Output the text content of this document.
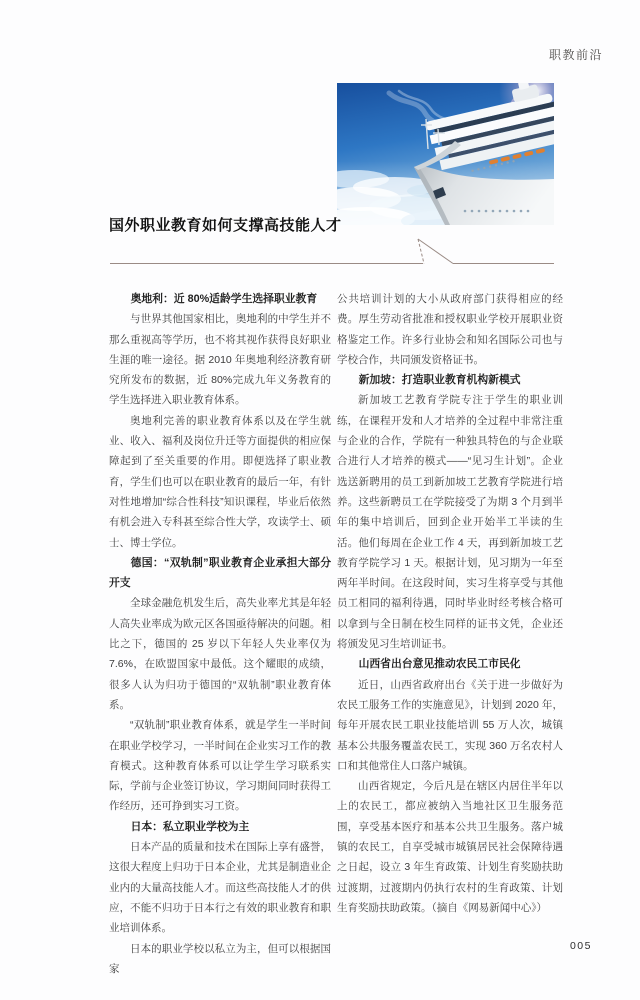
职教前沿
国外职业教育如何支撑高技能人才
奥地利：近 80%适龄学生选择职业教育

与世界其他国家相比，奥地利的中学生并不那么重视高等学历，也不将其视作获得良好职业生涯的唯一途径。据 2010 年奥地利经济教育研究所发布的数据，近 80%完成九年义务教育的学生选择进入职业教育体系。

奥地利完善的职业教育体系以及在学生就业、收入、福利及岗位升迁等方面提供的相应保障起到了至关重要的作用。即便选择了职业教育，学生们也可以在职业教育的最后一年，有针对性地增加“综合性科技”知识课程，毕业后依然有机会进入专科甚至综合性大学，攻读学士、硕士、博士学位。

德国：“双轨制”职业教育企业承担大部分开支

全球金融危机发生后，高失业率尤其是年轻人高失业率成为欧元区各国亟待解决的问题。相比之下，德国的 25 岁以下年轻人失业率仅为 7.6%，在欧盟国家中最低。这个耀眼的成绩，很多人认为归功于德国的“双轨制”职业教育体系。

“双轨制”职业教育体系，就是学生一半时间在职业学校学习，一半时间在企业实习工作的教育模式。这种教育体系可以让学生学习联系实际，学前与企业签订协议，学习期间同时获得工作经历，还可挣到实习工资。

日本：私立职业学校为主

日本产品的质量和技术在国际上享有盛誉，这很大程度上归功于日本企业，尤其是制造业企业内的大量高技能人才。而这些高技能人才的供应，不能不归功于日本行之有效的职业教育和职业培训体系。

日本的职业学校以私立为主，但可以根据国家

公共培训计划的大小从政府部门获得相应的经费。厚生劳动省批准和授权职业学校开展职业资格鉴定工作。许多行业协会和知名国际公司也与学校合作，共同颁发资格证书。

新加坡：打造职业教育机构新模式

新加坡工艺教育学院专注于学生的职业训练，在课程开发和人才培养的全过程中非常注重与企业的合作，学院有一种独具特色的与企业联合进行人才培养的模式——“见习生计划”。企业选送新聘用的员工到新加坡工艺教育学院进行培养。这些新聘员工在学院接受了为期 3 个月到半年的集中培训后，回到企业开始半工半读的生活。他们每周在企业工作 4 天，再到新加坡工艺教育学院学习 1 天。根据计划，见习期为一年至两年半时间。在这段时间，实习生将享受与其他员工相同的福利待遇，同时毕业时经考核合格可以拿到与全日制在校生同样的证书文凭，企业还将颁发见习生培训证书。

山西省出台意见推动农民工市民化

近日，山西省政府出台《关于进一步做好为农民工服务工作的实施意见》，计划到 2020 年，每年开展农民工职业技能培训 55 万人次，城镇基本公共服务覆盖农民工，实现 360 万名农村人口和其他常住人口落户城镇。

山西省规定，今后凡是在辖区内居住半年以上的农民工，都应被纳入当地社区卫生服务范围，享受基本医疗和基本公共卫生服务。落户城镇的农民工，自享受城市城镇居民社会保障待遇之日起，设立 3 年生育政策、计划生育奖励扶助过渡期，过渡期内仍执行农村的生育政策、计划生育奖励扶助政策。（摘自《网易新闻中心》）

005
